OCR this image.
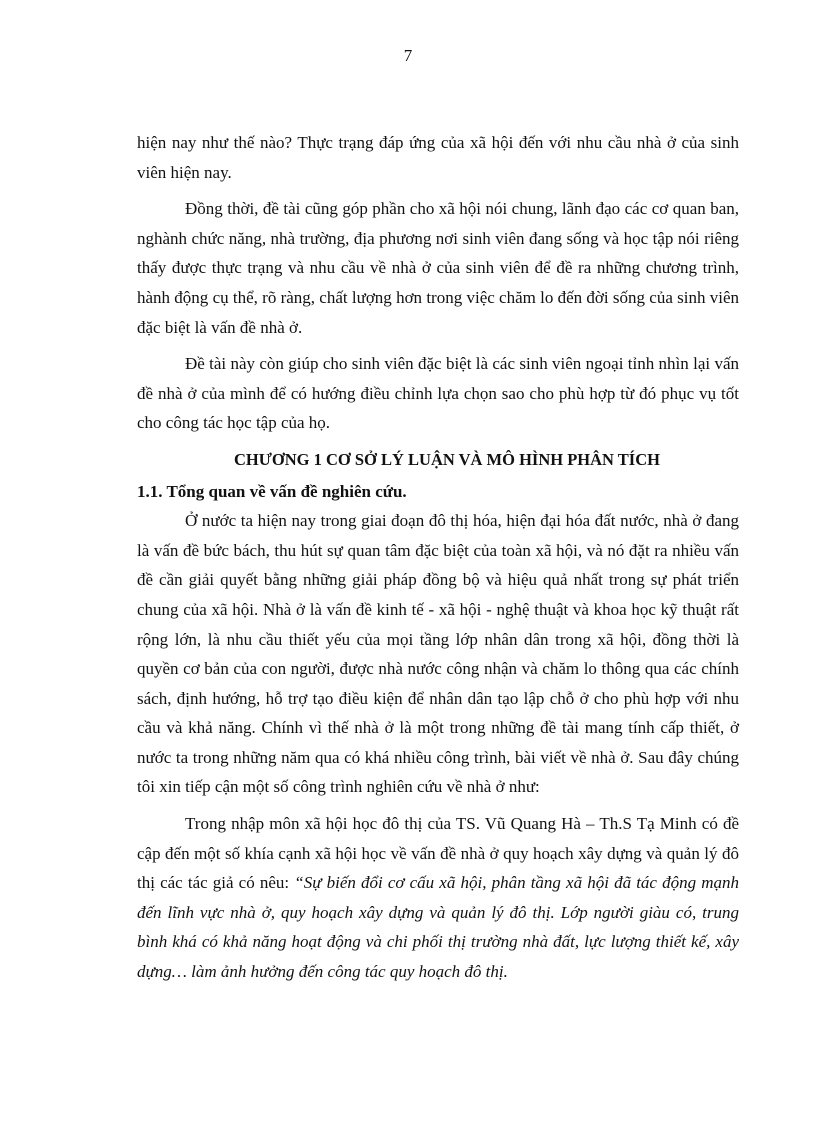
7

hiện nay như thế nào? Thực trạng đáp ứng của xã hội đến với nhu cầu nhà ở của sinh viên hiện nay.

Đồng thời, đề tài cũng góp phần cho xã hội nói chung, lãnh đạo các cơ quan ban, nghành chức năng, nhà trường, địa phương nơi sinh viên đang sống và học tập nói riêng thấy được thực trạng và nhu cầu về nhà ở của sinh viên để đề ra những chương trình, hành động cụ thể, rõ ràng, chất lượng hơn trong việc chăm lo đến đời sống của sinh viên đặc biệt là vấn đề nhà ở.

Đề tài này còn giúp cho sinh viên đặc biệt là các sinh viên ngoại tỉnh nhìn lại vấn đề nhà ở của mình để có hướng điều chỉnh lựa chọn sao cho phù hợp từ đó phục vụ tốt cho công tác học tập của họ.

CHƯƠNG 1 CƠ SỞ LÝ LUẬN VÀ MÔ HÌNH PHÂN TÍCH
1.1. Tổng quan về vấn đề nghiên cứu.

Ở nước ta hiện nay trong giai đoạn đô thị hóa, hiện đại hóa đất nước, nhà ở đang là vấn đề bức bách, thu hút sự quan tâm đặc biệt của toàn xã hội, và nó đặt ra nhiều vấn đề cần giải quyết bằng những giải pháp đồng bộ và hiệu quả nhất trong sự phát triển chung của xã hội. Nhà ở là vấn đề kinh tế - xã hội - nghệ thuật và khoa học kỹ thuật rất rộng lớn, là nhu cầu thiết yếu của mọi tầng lớp nhân dân trong xã hội, đồng thời là quyền cơ bản của con người, được nhà nước công nhận và chăm lo thông qua các chính sách, định hướng, hỗ trợ tạo điều kiện để nhân dân tạo lập chỗ ở cho phù hợp với nhu cầu và khả năng. Chính vì thế nhà ở là một trong những đề tài mang tính cấp thiết, ở nước ta trong những năm qua có khá nhiều công trình, bài viết về nhà ở. Sau đây chúng tôi xin tiếp cận một số công trình nghiên cứu về nhà ở như:

Trong nhập môn xã hội học đô thị của TS. Vũ Quang Hà – Th.S Tạ Minh có đề cập đến một số khía cạnh xã hội học về vấn đề nhà ở quy hoạch xây dựng và quản lý đô thị các tác giả có nêu: “Sự biến đổi cơ cấu xã hội, phân tầng xã hội đã tác động mạnh đến lĩnh vực nhà ở, quy hoạch xây dựng và quản lý đô thị. Lớp người giàu có, trung bình khá có khả năng hoạt động và chi phối thị trường nhà đất, lực lượng thiết kế, xây dựng… làm ảnh hưởng đến công tác quy hoạch đô thị.
